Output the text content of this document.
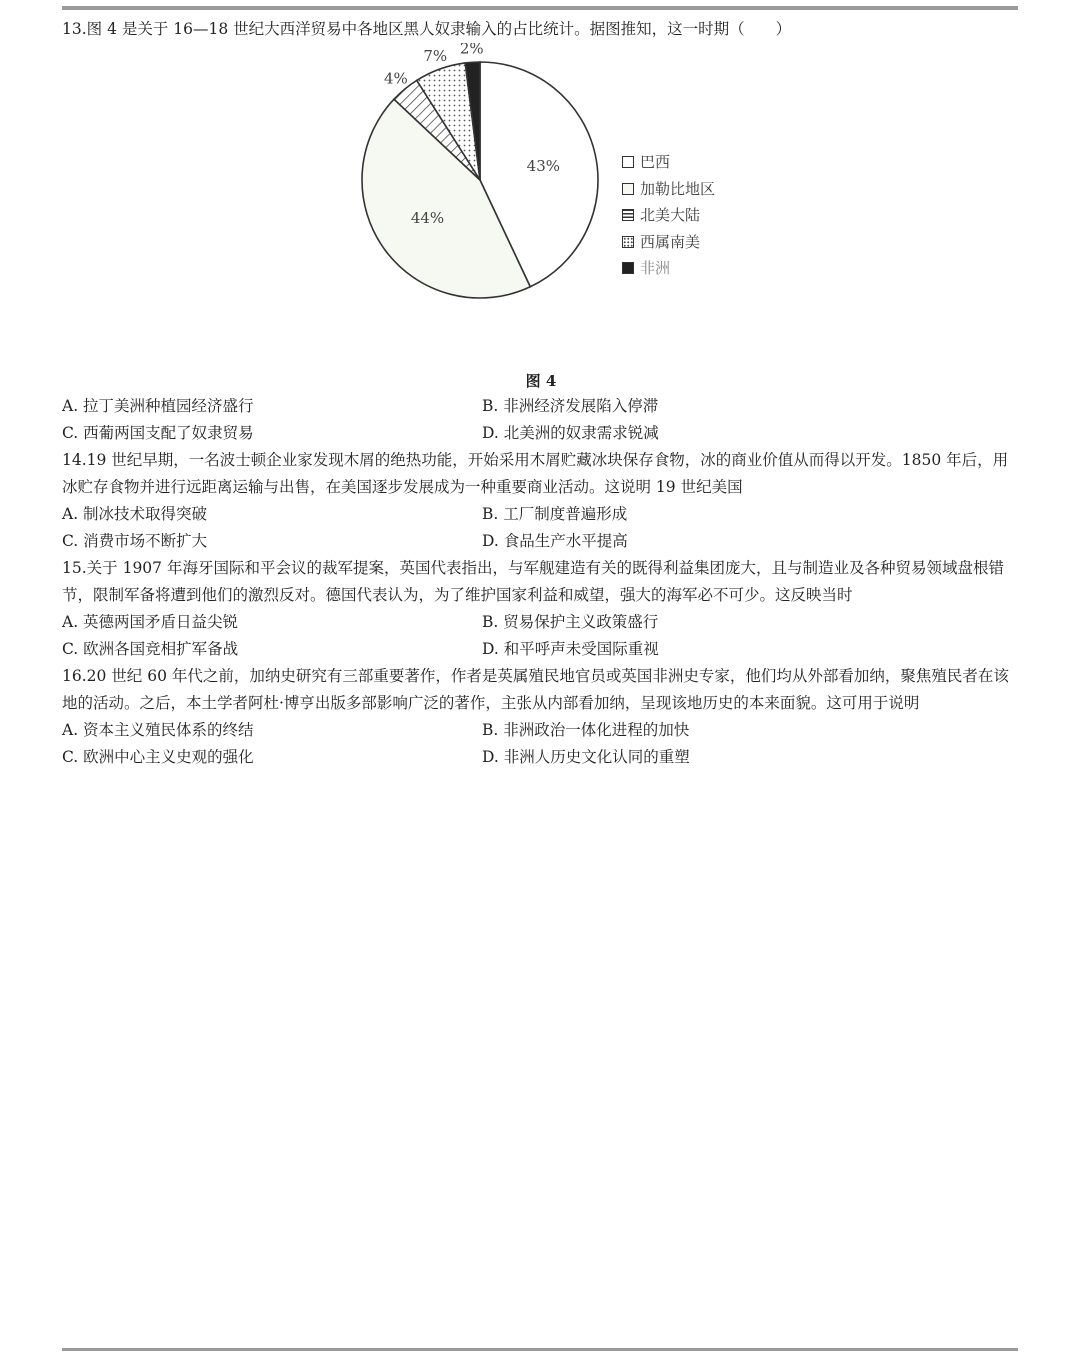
13.图 4 是关于 16—18 世纪大西洋贸易中各地区黑人奴隶输入的占比统计。据图推知，这一时期（　　）

43%
44%
4%
7% 2%
巴西
加勒比地区
北美大陆
西属南美
非洲
图 4
A. 拉丁美洲种植园经济盛行	B. 非洲经济发展陷入停滞
C. 西葡两国支配了奴隶贸易	D. 北美洲的奴隶需求锐减

14.19 世纪早期，一名波士顿企业家发现木屑的绝热功能，开始采用木屑贮藏冰块保存食物，冰的商业价值从而得以开发。1850 年后，用冰贮存食物并进行远距离运输与出售，在美国逐步发展成为一种重要商业活动。这说明 19 世纪美国

A. 制冰技术取得突破	B. 工厂制度普遍形成
C. 消费市场不断扩大	D. 食品生产水平提高

15.关于 1907 年海牙国际和平会议的裁军提案，英国代表指出，与军舰建造有关的既得利益集团庞大，且与制造业及各种贸易领域盘根错节，限制军备将遭到他们的激烈反对。德国代表认为，为了维护国家利益和威望，强大的海军必不可少。这反映当时

A. 英德两国矛盾日益尖锐	B. 贸易保护主义政策盛行
C. 欧洲各国竞相扩军备战	D. 和平呼声未受国际重视

16.20 世纪 60 年代之前，加纳史研究有三部重要著作，作者是英属殖民地官员或英国非洲史专家，他们均从外部看加纳，聚焦殖民者在该地的活动。之后，本土学者阿杜·博亨出版多部影响广泛的著作，主张从内部看加纳，呈现该地历史的本来面貌。这可用于说明

A. 资本主义殖民体系的终结	B. 非洲政治一体化进程的加快
C. 欧洲中心主义史观的强化	D. 非洲人历史文化认同的重塑
